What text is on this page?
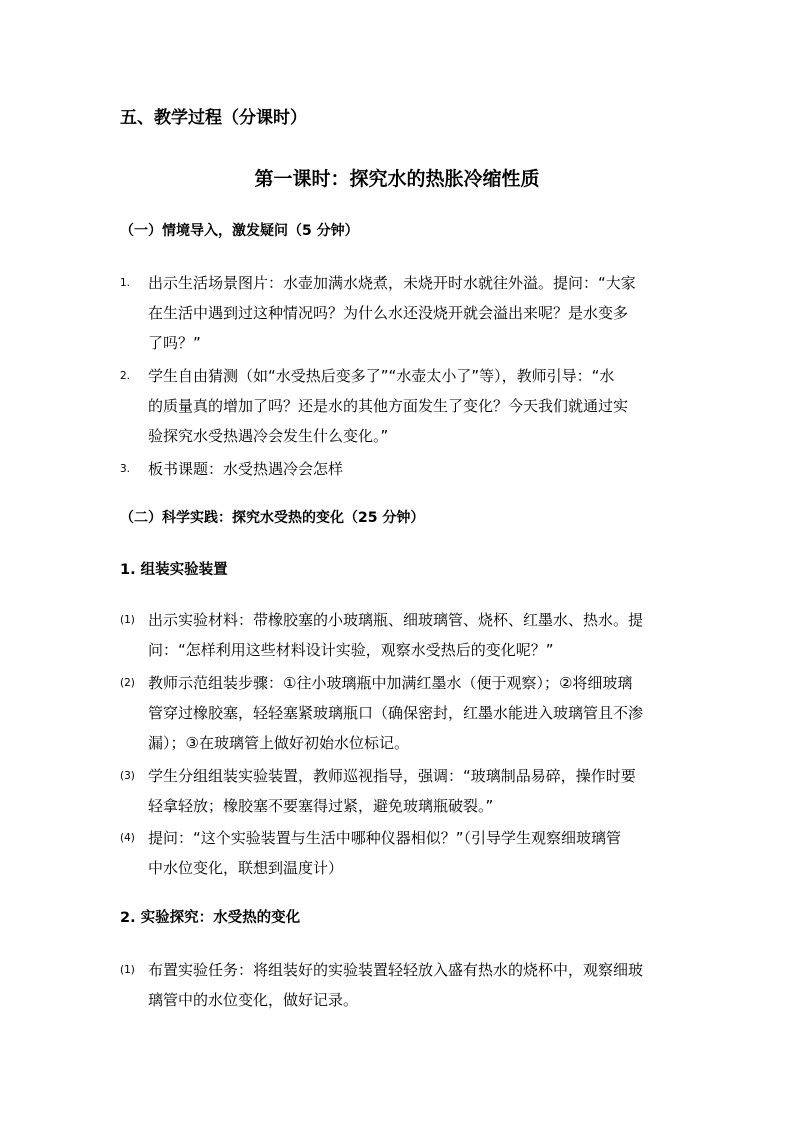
五、教学过程（分课时）
第一课时：探究水的热胀冷缩性质
（一）情境导入，激发疑问（5 分钟）
1. 出示生活场景图片：水壶加满水烧煮，未烧开时水就往外溢。提问：“大家
在生活中遇到过这种情况吗？为什么水还没烧开就会溢出来呢？是水变多
了吗？”
2. 学生自由猜测（如“水受热后变多了”“水壶太小了”等），教师引导：“水
的质量真的增加了吗？还是水的其他方面发生了变化？今天我们就通过实
验探究水受热遇冷会发生什么变化。”
3. 板书课题：水受热遇冷会怎样
（二）科学实践：探究水受热的变化（25 分钟）
1. 组装实验装置
(1) 出示实验材料：带橡胶塞的小玻璃瓶、细玻璃管、烧杯、红墨水、热水。提
问：“怎样利用这些材料设计实验，观察水受热后的变化呢？”
(2) 教师示范组装步骤：①往小玻璃瓶中加满红墨水（便于观察）；②将细玻璃
管穿过橡胶塞，轻轻塞紧玻璃瓶口（确保密封，红墨水能进入玻璃管且不渗
漏）；③在玻璃管上做好初始水位标记。
(3) 学生分组组装实验装置，教师巡视指导，强调：“玻璃制品易碎，操作时要
轻拿轻放；橡胶塞不要塞得过紧，避免玻璃瓶破裂。”
(4) 提问：“这个实验装置与生活中哪种仪器相似？”（引导学生观察细玻璃管
中水位变化，联想到温度计）
2. 实验探究：水受热的变化
(1) 布置实验任务：将组装好的实验装置轻轻放入盛有热水的烧杯中，观察细玻
璃管中的水位变化，做好记录。
